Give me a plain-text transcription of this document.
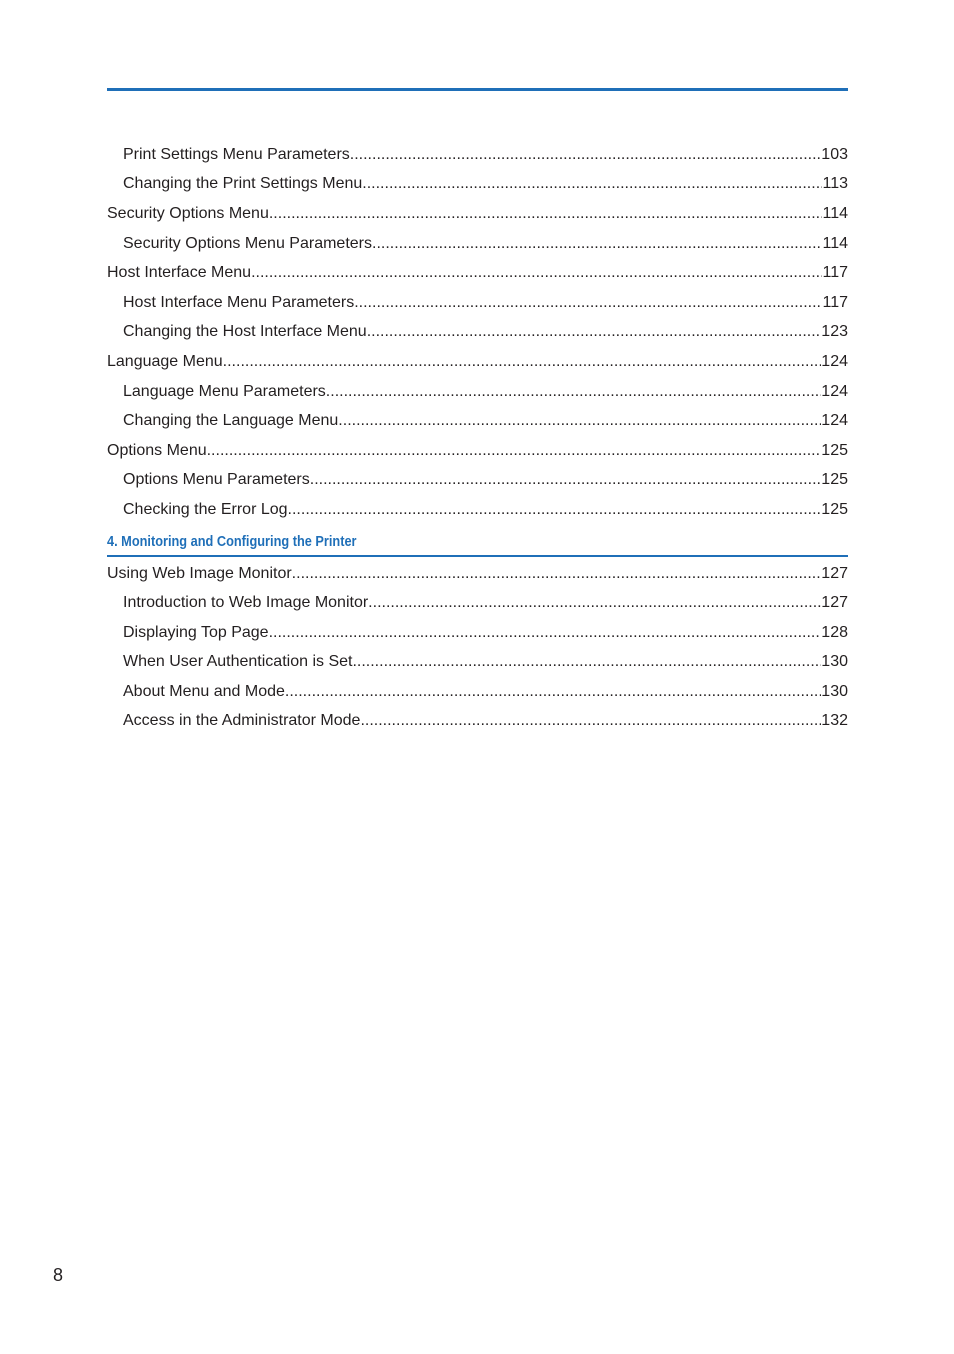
Print Settings Menu Parameters .....	103
Changing the Print Settings Menu .....	113
Security Options Menu .....	114
Security Options Menu Parameters .....	114
Host Interface Menu .....	117
Host Interface Menu Parameters .....	117
Changing the Host Interface Menu .....	123
Language Menu .....	124
Language Menu Parameters .....	124
Changing the Language Menu .....	124
Options Menu .....	125
Options Menu Parameters .....	125
Checking the Error Log .....	125
4. Monitoring and Configuring the Printer
Using Web Image Monitor .....	127
Introduction to Web Image Monitor .....	127
Displaying Top Page .....	128
When User Authentication is Set .....	130
About Menu and Mode .....	130
Access in the Administrator Mode .....	132
8
